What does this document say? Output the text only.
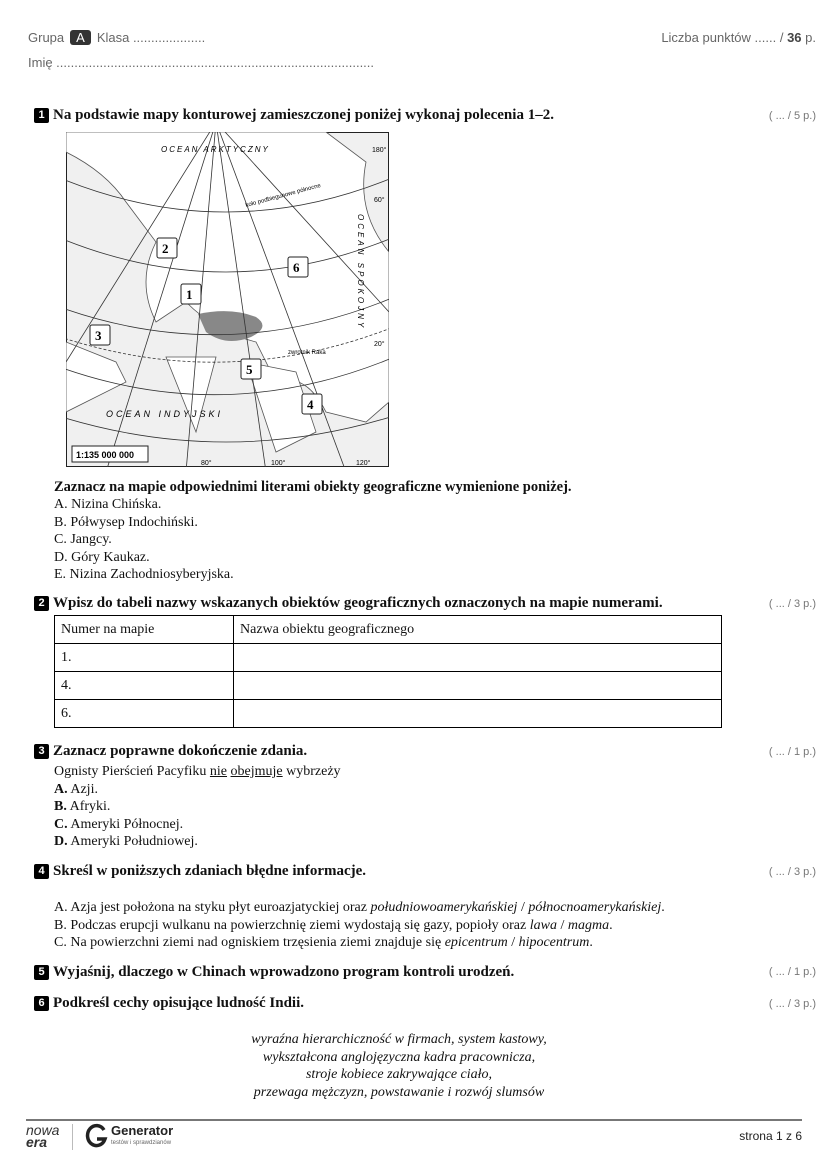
Grupa A Klasa ....................	Liczba punktów ...... / 36 p.
Imię ........................................................................................
1 Na podstawie mapy konturowej zamieszczonej poniżej wykonaj polecenia 1–2.	( ... / 5 p.)
OCEAN ARKTYCZNY
OCEAN INDYJSKI
OCEAN SPOKOJNY
koło podbiegunowe północne
zwrotnik Raka
80°	100°	120°
180°
60°
20°
1:135 000 000
1
2
3
4
5
6
Zaznacz na mapie odpowiednimi literami obiekty geograficzne wymienione poniżej.
A. Nizina Chińska.
B. Półwysep Indochiński.
C. Jangcy.
D. Góry Kaukaz.
E. Nizina Zachodniosyberyjska.
2 Wpisz do tabeli nazwy wskazanych obiektów geograficznych oznaczonych na mapie numerami.	( ... / 3 p.)
Numer na mapie	Nazwa obiektu geograficznego
1.	
4.	
6.	
3 Zaznacz poprawne dokończenie zdania.	( ... / 1 p.)
Ognisty Pierścień Pacyfiku nie obejmuje wybrzeży
A. Azji.
B. Afryki.
C. Ameryki Północnej.
D. Ameryki Południowej.
4 Skreśl w poniższych zdaniach błędne informacje.	( ... / 3 p.)
A. Azja jest położona na styku płyt euroazjatyckiej oraz południowoamerykańskiej / północnoamerykańskiej.
B. Podczas erupcji wulkanu na powierzchnię ziemi wydostają się gazy, popioły oraz lawa / magma.
C. Na powierzchni ziemi nad ogniskiem trzęsienia ziemi znajduje się epicentrum / hipocentrum.
5 Wyjaśnij, dlaczego w Chinach wprowadzono program kontroli urodzeń.	( ... / 1 p.)
6 Podkreśl cechy opisujące ludność Indii.	( ... / 3 p.)
wyraźna hierarchiczność w firmach, system kastowy,
wykształcona anglojęzyczna kadra pracownicza,
stroje kobiece zakrywające ciało,
przewaga mężczyzn, powstawanie i rozwój slumsów
nowa
era
Generator
testów i sprawdzianów	strona 1 z 6
